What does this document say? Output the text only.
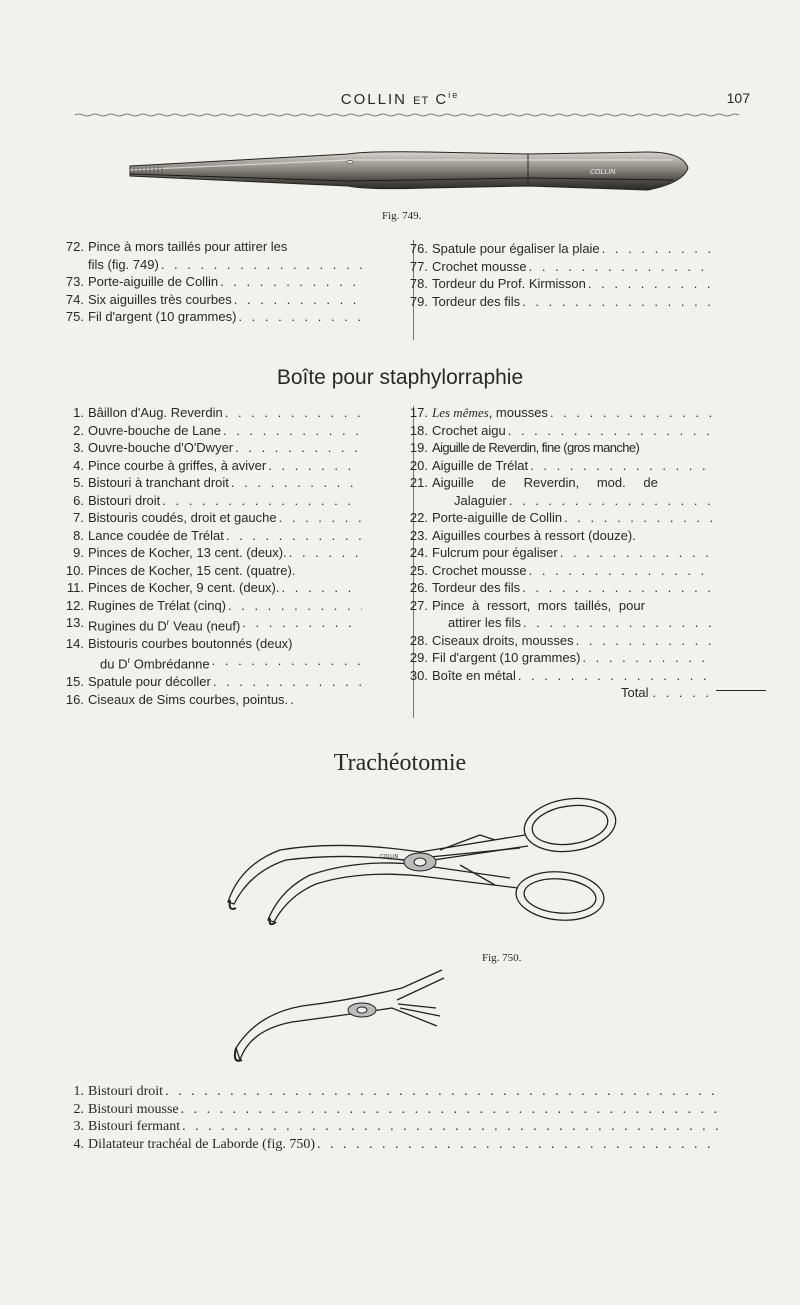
COLLIN ET $C^{ie}$	107
COLLIN
Fig. 749.
72. Pince à mors taillés pour attirer les
fils (fig. 749)
. . .
73. Porte-aiguille de Collin
. . .
74. Six aiguilles très courbes
. . .
75. Fil d'argent (10 grammes)
. . .
76. Spatule pour égaliser la plaie
. . .
77. Crochet mousse
. . .
78. Tordeur du Prof. Kirmisson
. . .
79. Tordeur des fils
. . .
Boîte pour staphylorraphie
1. Bâillon d'Aug. Reverdin
. . .
2. Ouvre-bouche de Lane
. . .
3. Ouvre-bouche d'O'Dwyer
. . .
4. Pince courbe à griffes, à aviver
. . .
5. Bistouri à tranchant droit
. . .
6. Bistouri droit
. . .
7. Bistouris coudés, droit et gauche
. . .
8. Lance coudée de Trélat
. . .
9. Pinces de Kocher, 13 cent. (deux).
. . .
10. Pinces de Kocher, 15 cent. (quatre).
11. Pinces de Kocher, 9 cent. (deux).
. . .
12. Rugines de Trélat (cinq)
. . .
13. Rugines du $D^r$ Veau (neuf)
. . .
14. Bistouris courbes boutonnés (deux)
du $D^r$ Ombrédanne
. . .
15. Spatule pour décoller
. . .
16. Ciseaux de Sims courbes, pointus.
. . .
17. Les mêmes, mousses
. . .
18. Crochet aigu
. . .
19. Aiguille de Reverdin, fine (gros manche)
20. Aiguille de Trélat
. . .
21. Aiguille de Reverdin, mod. de
Jalaguier
. . .
22. Porte-aiguille de Collin
. . .
23. Aiguilles courbes à ressort (douze).
24. Fulcrum pour égaliser
. . .
25. Crochet mousse
. . .
26. Tordeur des fils
. . .
27. Pince à ressort, mors taillés, pour
attirer les fils
. . .
28. Ciseaux droits, mousses
. . .
29. Fil d'argent (10 grammes)
. . .
30. Boîte en métal
. . .
Total . . . . .
Trachéotomie
COLLIN
Fig. 750.
1. Bistouri droit
. . .
2. Bistouri mousse
. . .
3. Bistouri fermant
. . .
4. Dilatateur trachéal de Laborde (fig. 750)
. . .
